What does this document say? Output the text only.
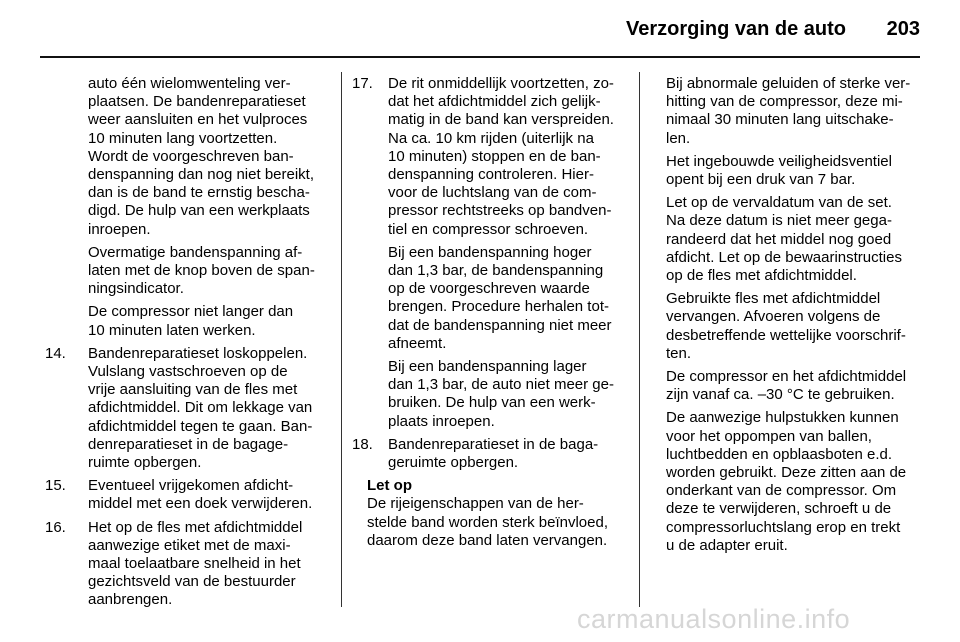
Verzorging van de auto 203

auto één wielomwenteling ver-
plaatsen. De bandenreparatieset
weer aansluiten en het vulproces
10 minuten lang voortzetten.
Wordt de voorgeschreven ban-
denspanning dan nog niet bereikt,
dan is de band te ernstig bescha-
digd. De hulp van een werkplaats
inroepen.

Overmatige bandenspanning af-
laten met de knop boven de span-
ningsindicator.

De compressor niet langer dan
10 minuten laten werken.

14. Bandenreparatieset loskoppelen.
Vulslang vastschroeven op de
vrije aansluiting van de fles met
afdichtmiddel. Dit om lekkage van
afdichtmiddel tegen te gaan. Ban-
denreparatieset in de bagage-
ruimte opbergen.

15. Eventueel vrijgekomen afdicht-
middel met een doek verwijderen.

16. Het op de fles met afdichtmiddel
aanwezige etiket met de maxi-
maal toelaatbare snelheid in het
gezichtsveld van de bestuurder
aanbrengen.

17. De rit onmiddellijk voortzetten, zo-
dat het afdichtmiddel zich gelijk-
matig in de band kan verspreiden.
Na ca. 10 km rijden (uiterlijk na
10 minuten) stoppen en de ban-
denspanning controleren. Hier-
voor de luchtslang van de com-
pressor rechtstreeks op bandven-
tiel en compressor schroeven.

Bij een bandenspanning hoger
dan 1,3 bar, de bandenspanning
op de voorgeschreven waarde
brengen. Procedure herhalen tot-
dat de bandenspanning niet meer
afneemt.

Bij een bandenspanning lager
dan 1,3 bar, de auto niet meer ge-
bruiken. De hulp van een werk-
plaats inroepen.

18. Bandenreparatieset in de baga-
geruimte opbergen.

Let op
De rijeigenschappen van de her-
stelde band worden sterk beïnvloed,
daarom deze band laten vervangen.

Bij abnormale geluiden of sterke ver-
hitting van de compressor, deze mi-
nimaal 30 minuten lang uitschake-
len.

Het ingebouwde veiligheidsventiel
opent bij een druk van 7 bar.

Let op de vervaldatum van de set.
Na deze datum is niet meer gega-
randeerd dat het middel nog goed
afdicht. Let op de bewaarinstructies
op de fles met afdichtmiddel.

Gebruikte fles met afdichtmiddel
vervangen. Afvoeren volgens de
desbetreffende wettelijke voorschrif-
ten.

De compressor en het afdichtmiddel
zijn vanaf ca. –30 °C te gebruiken.

De aanwezige hulpstukken kunnen
voor het oppompen van ballen,
luchtbedden en opblaasboten e.d.
worden gebruikt. Deze zitten aan de
onderkant van de compressor. Om
deze te verwijderen, schroeft u de
compressorluchtslang erop en trekt
u de adapter eruit.

carmanualsonline.info
